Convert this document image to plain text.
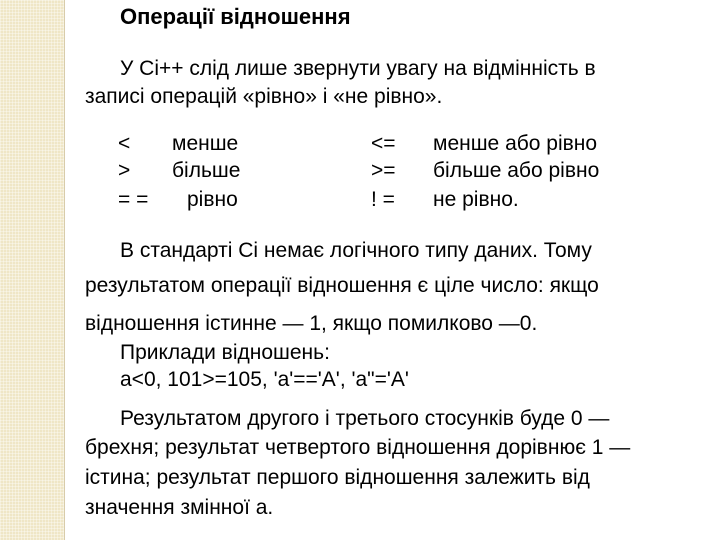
Операції відношення
У Сі++ слід лише звернути увагу на відмінність в
записі операцій «рівно» і «не рівно».
< менше
> більше
= = рівно
<= менше або рівно
>= більше або рівно
! = не рівно.
В стандарті Сі немає логічного типу даних. Тому
результатом операції відношення є ціле число: якщо
відношення істинне — 1, якщо помилково —0.
Приклади відношень:
а<0, 101>=105, 'а'=='А', 'а"='А'
Результатом другого і третього стосунків буде 0 —
брехня; результат четвертого відношення дорівнює 1 —
істина; результат першого відношення залежить від
значення змінної а.
